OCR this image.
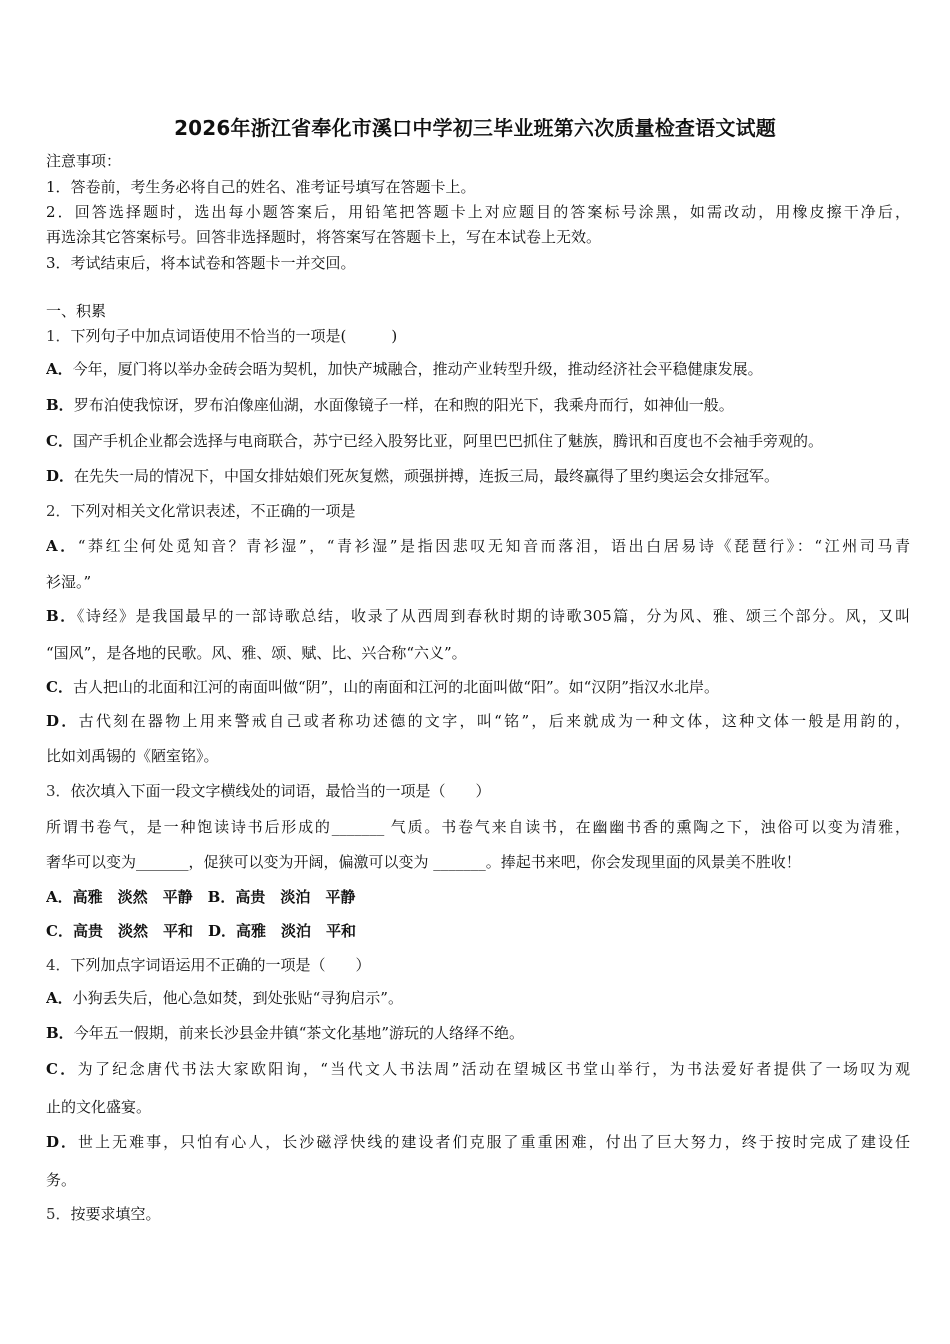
2026年浙江省奉化市溪口中学初三毕业班第六次质量检查语文试题
注意事项：
1．答卷前，考生务必将自己的姓名、准考证号填写在答题卡上。
2．回答选择题时，选出每小题答案后，用铅笔把答题卡上对应题目的答案标号涂黑，如需改动，用橡皮擦干净后，
再选涂其它答案标号。回答非选择题时，将答案写在答题卡上，写在本试卷上无效。
3．考试结束后，将本试卷和答题卡一并交回。
一、积累
1．下列句子中加点词语使用不恰当的一项是(　　　)
A．今年，厦门将以举办金砖会晤为契机，加快产城融合，推动产业转型升级，推动经济社会平稳健康发展。
B．罗布泊使我惊讶，罗布泊像座仙湖，水面像镜子一样，在和煦的阳光下，我乘舟而行，如神仙一般。
C．国产手机企业都会选择与电商联合，苏宁已经入股努比亚，阿里巴巴抓住了魅族，腾讯和百度也不会袖手旁观的。
D．在先失一局的情况下，中国女排姑娘们死灰复燃，顽强拼搏，连扳三局，最终赢得了里约奥运会女排冠军。
2．下列对相关文化常识表述，不正确的一项是
A．“莽红尘何处觅知音？青衫湿”，“青衫湿”是指因悲叹无知音而落泪，语出白居易诗《琵琶行》：“江州司马青
衫湿。”
B．《诗经》是我国最早的一部诗歌总结，收录了从西周到春秋时期的诗歌305篇，分为风、雅、颂三个部分。风，又叫
“国风”，是各地的民歌。风、雅、颂、赋、比、兴合称“六义”。
C．古人把山的北面和江河的南面叫做“阴”，山的南面和江河的北面叫做“阳”。如“汉阴”指汉水北岸。
D．古代刻在器物上用来警戒自己或者称功述德的文字，叫“铭”，后来就成为一种文体，这种文体一般是用韵的，
比如刘禹锡的《陋室铭》。
3．依次填入下面一段文字横线处的词语，最恰当的一项是（　　）
所谓书卷气，是一种饱读诗书后形成的_______ 气质。书卷气来自读书，在幽幽书香的熏陶之下，浊俗可以变为清雅，
奢华可以变为_______，促狭可以变为开阔，偏激可以变为 _______。捧起书来吧，你会发现里面的风景美不胜收！
A．高雅　淡然　平静　B．高贵　淡泊　平静
C．高贵　淡然　平和　D．高雅　淡泊　平和
4．下列加点字词语运用不正确的一项是（　　）
A．小狗丢失后，他心急如焚，到处张贴“寻狗启示”。
B．今年五一假期，前来长沙县金井镇“茶文化基地”游玩的人络绎不绝。
C．为了纪念唐代书法大家欧阳询，“当代文人书法周”活动在望城区书堂山举行，为书法爱好者提供了一场叹为观
止的文化盛宴。
D．世上无难事，只怕有心人，长沙磁浮快线的建设者们克服了重重困难，付出了巨大努力，终于按时完成了建设任
务。
5．按要求填空。
